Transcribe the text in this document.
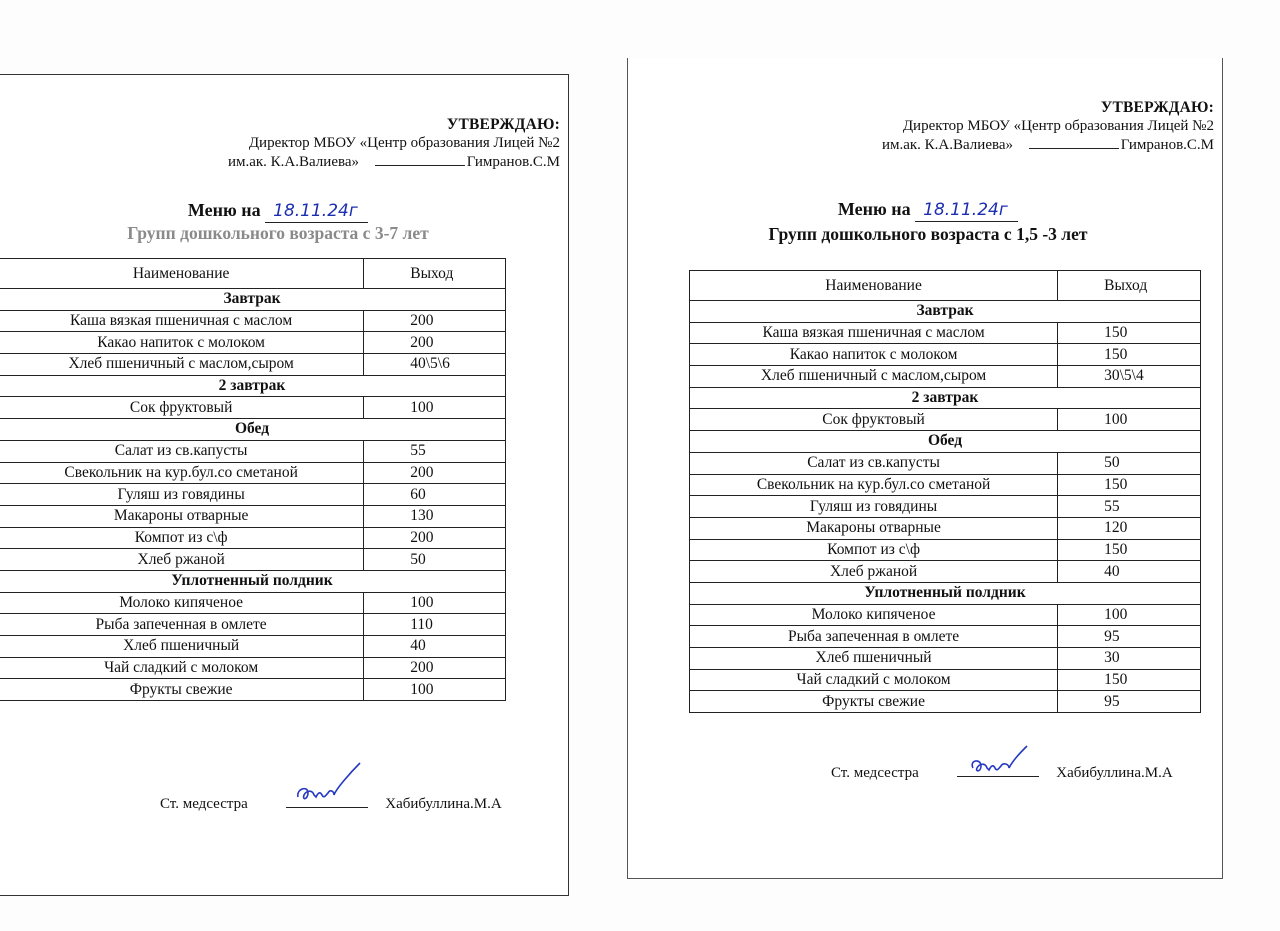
УТВЕРЖДАЮ:
Директор МБОУ «Центр образования Лицей №2
им.ак. К.А.Валиева»	Гимранов.С.М
Меню на 18.11.24г
Групп дошкольного возраста с 3-7 лет
Наименование	Выход
Завтрак	
Каша вязкая пшеничная с маслом	200
Какао напиток с молоком	200
Хлеб пшеничный с маслом,сыром	40\5\6
2 завтрак	
Сок фруктовый	100
Обед	
Салат из св.капусты	55
Свекольник на кур.бул.со сметаной	200
Гуляш из говядины	60
Макароны отварные	130
Компот из с\ф	200
Хлеб ржаной	50
Уплотненный полдник	
Молоко кипяченое	100
Рыба запеченная в омлете	110
Хлеб пшеничный	40
Чай сладкий с молоком	200
Фрукты свежие	100
Ст. медсестра	Хабибуллина.М.А
УТВЕРЖДАЮ:
Директор МБОУ «Центр образования Лицей №2
им.ак. К.А.Валиева»	Гимранов.С.М
Меню на 18.11.24г
Групп дошкольного возраста с 1,5 -3 лет
Наименование	Выход
Завтрак	
Каша вязкая пшеничная с маслом	150
Какао напиток с молоком	150
Хлеб пшеничный с маслом,сыром	30\5\4
2 завтрак	
Сок фруктовый	100
Обед	
Салат из св.капусты	50
Свекольник на кур.бул.со сметаной	150
Гуляш из говядины	55
Макароны отварные	120
Компот из с\ф	150
Хлеб ржаной	40
Уплотненный полдник	
Молоко кипяченое	100
Рыба запеченная в омлете	95
Хлеб пшеничный	30
Чай сладкий с молоком	150
Фрукты свежие	95
Ст. медсестра	Хабибуллина.М.А
